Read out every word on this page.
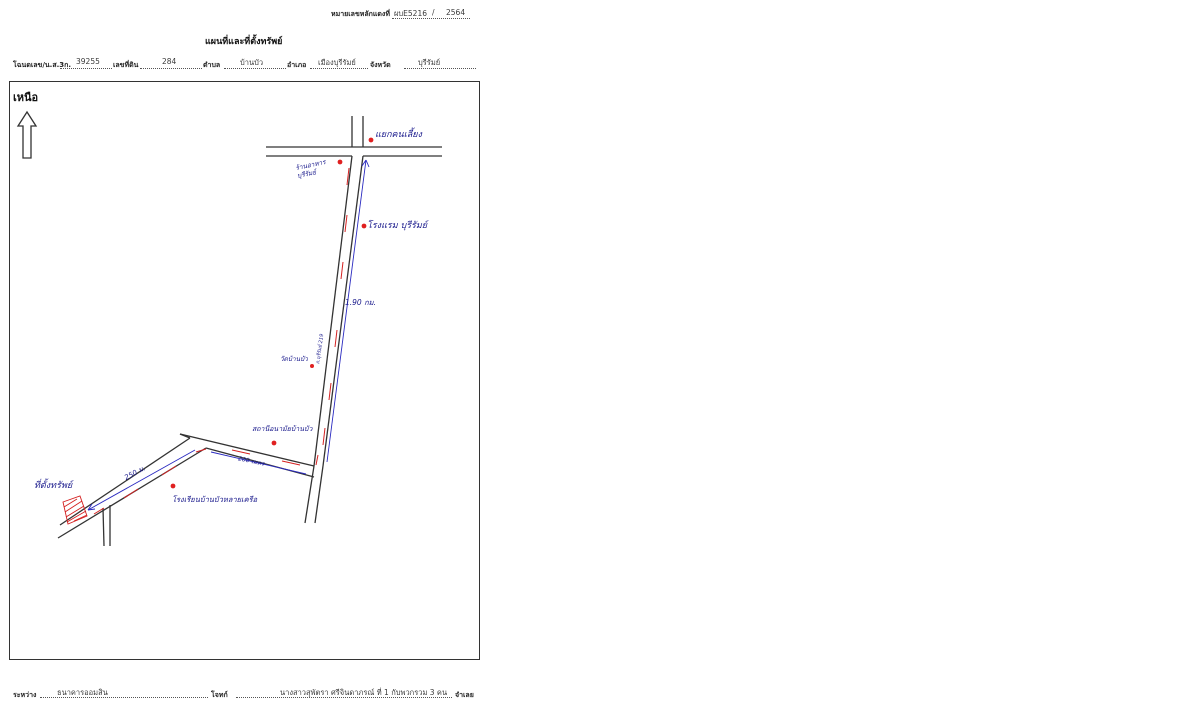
หมายเลขหลักแดงที่ ผบE5216 / 2564
แผนที่และที่ตั้งทรัพย์
โฉนดเลข/น.ส.3ก. 39255 เลขที่ดิน	284	ตำบล	บ้านบัว	อำเภอ เมืองบุรีรัมย์ จังหวัด	บุรีรัมย์
เหนือ
แยกคนเลี้ยง
ร้านอาหาร บุรีรัมย์
โรงแรม บุรีรัมย์
1.90 กม.
ถ.บุรีรัมย์ 219
วัดบ้านบัว
สถานีอนามัยบ้านบัว
200 เมตร
250 ม.
โรงเรียนบ้านบัวหลายเครือ
ที่ตั้งทรัพย์
ระหว่าง	ธนาคารออมสิน	โจทก์	นางสาวสุพัตรา ศรีจินดาภรณ์ ที่ 1 กับพวกรวม 3 คน จำเลย
